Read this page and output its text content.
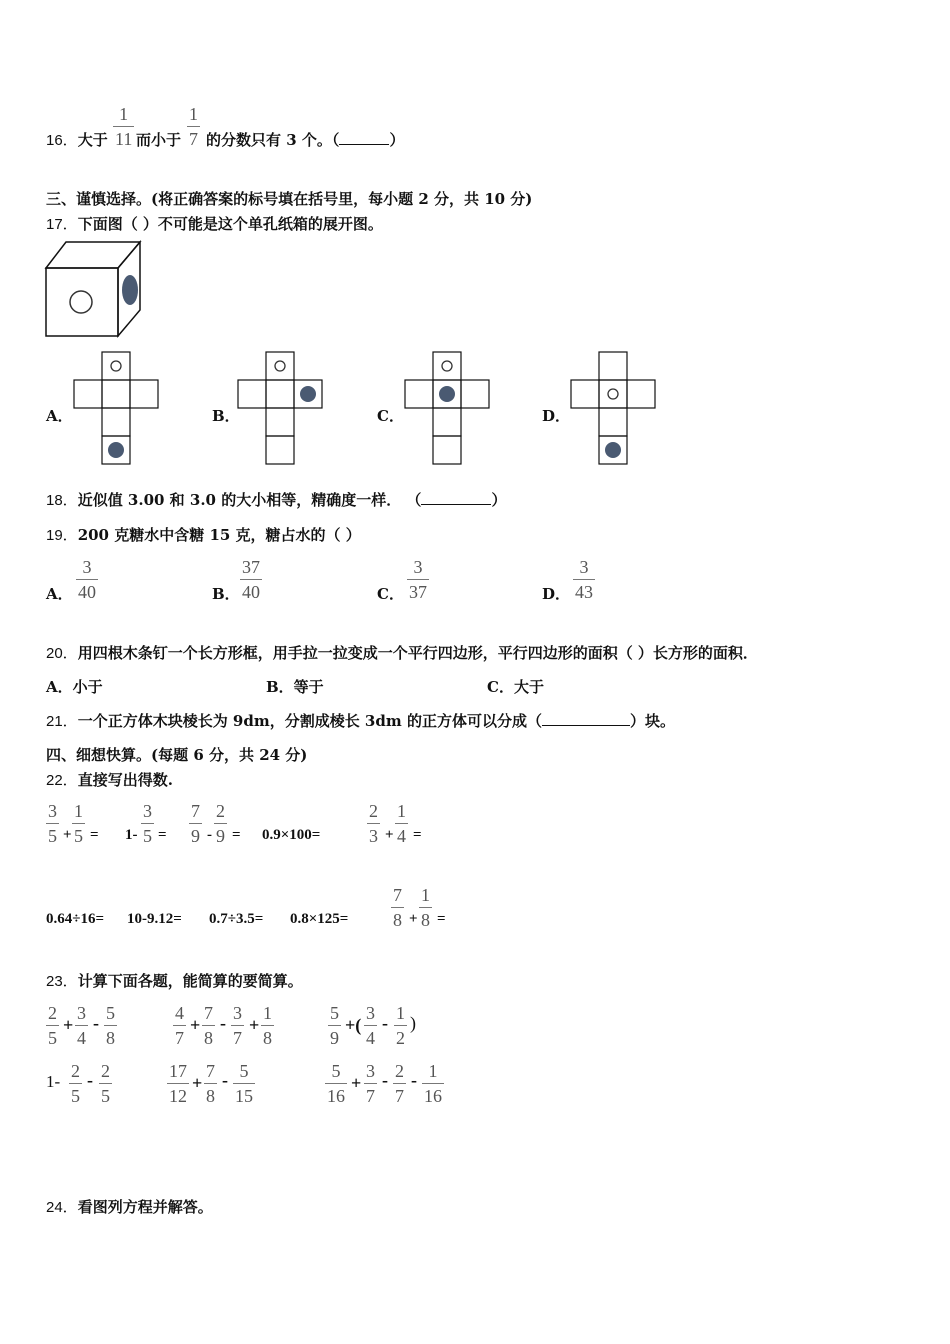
16．大于
1
11 而小于
1
7 的分数只有 3 个。（	）
三、谨慎选择。(将正确答案的标号填在括号里，每小题 2 分，共 10 分)
17．下面图（ ）不可能是这个单孔纸箱的展开图。
A．	B．	C．	D．
18．近似值 3.00 和 3.0 的大小相等，精确度一样． （	）
19．200 克糖水中含糖 15 克，糖占水的（ ）
A．
3
40	B．
37
40	C．
3
37	D．
3
43
20．用四根木条钉一个长方形框，用手拉一拉变成一个平行四边形，平行四边形的面积（ ）长方形的面积．
A．小于	B．等于	C．大于
21．一个正方体木块棱长为 9dm，分割成棱长 3dm 的正方体可以分成（	）块。
四、细想快算。(每题 6 分，共 24 分)
22．直接写出得数.
3
5 +
1
5 = 1-
3
5 =
7
9 -
2
9 = 0.9×100=
2
3 +
1
4 =
0.64÷16= 10-9.12= 0.7÷3.5= 0.8×125=
7
8 +
1
8 =
23．计算下面各题，能简算的要简算。
2
5
+
3
4
- 5
8
4
7
+
7
8
- 3
7
+
1
8
5
9
+(
3
4
- 1
2
)
1-
2
5
- 2
5
17
12
+
7
8
- 5
15
5
16
+
3
7
- 2
7
- 1
16
24．看图列方程并解答。
